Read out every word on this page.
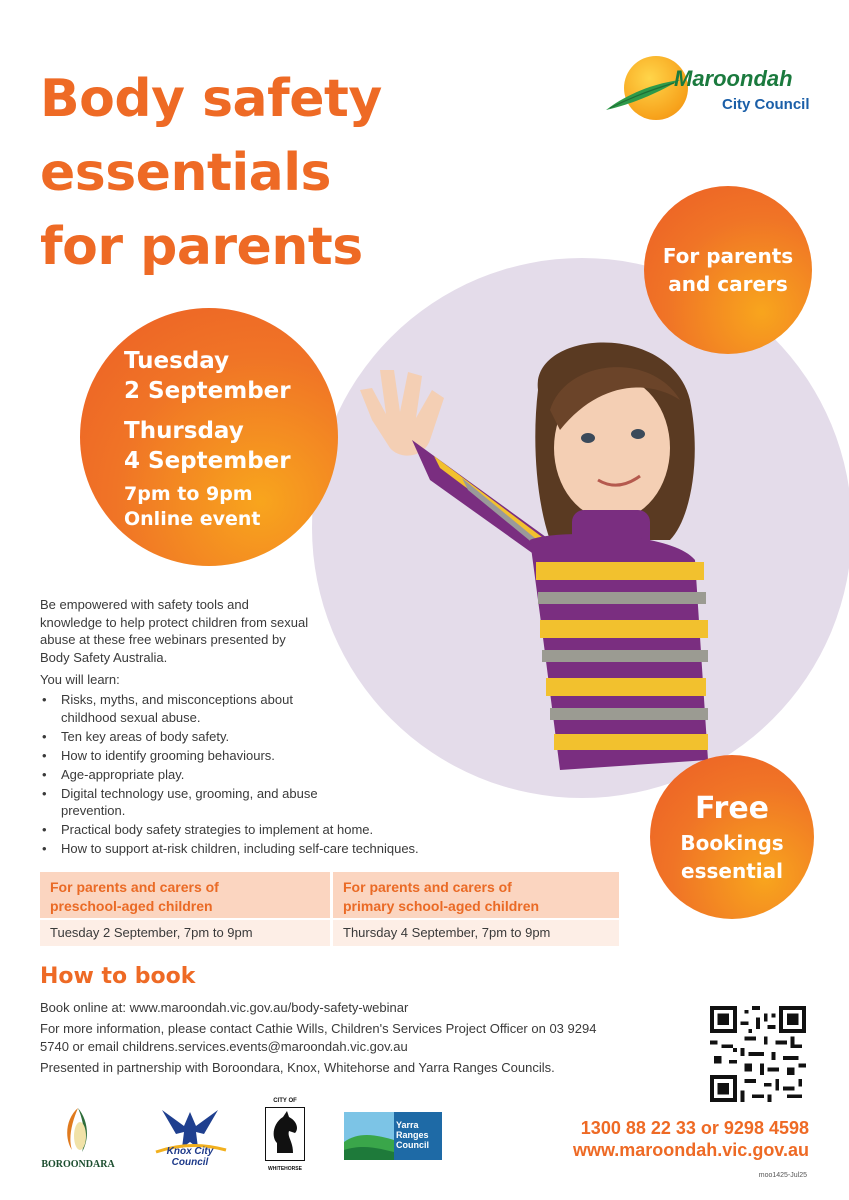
Body safety
essentials
for parents
Maroondah
City Council
For parents
and carers
Tuesday
2 September
Thursday
4 September
7pm to 9pm
Online event
Free
Bookings
essential

Be empowered with safety tools and knowledge to help protect children from sexual abuse at these free webinars presented by Body Safety Australia.

You will learn:

• Risks, myths, and misconceptions about childhood sexual abuse.
• Ten key areas of body safety.
• How to identify grooming behaviours.
• Age-appropriate play.
• Digital technology use, grooming, and abuse prevention.
• Practical body safety strategies to implement at home.
• How to support at-risk children, including self-care techniques.
For parents and carers of
preschool-aged children
Tuesday 2 September, 7pm to 9pm
For parents and carers of
primary school-aged children
Thursday 4 September, 7pm to 9pm
How to book

Book online at: www.maroondah.vic.gov.au/body-safety-webinar

For more information, please contact Cathie Wills, Children's Services Project Officer on 03 9294 5740 or email childrens.services.events@maroondah.vic.gov.au

Presented in partnership with Boroondara, Knox, Whitehorse and Yarra Ranges Councils.

BOROONDARA
Knox City Council
CITY OF
WHITEHORSE
Yarra
Ranges
Council
1300 88 22 33 or 9298 4598
www.maroondah.vic.gov.au
moo1425-Jul25
